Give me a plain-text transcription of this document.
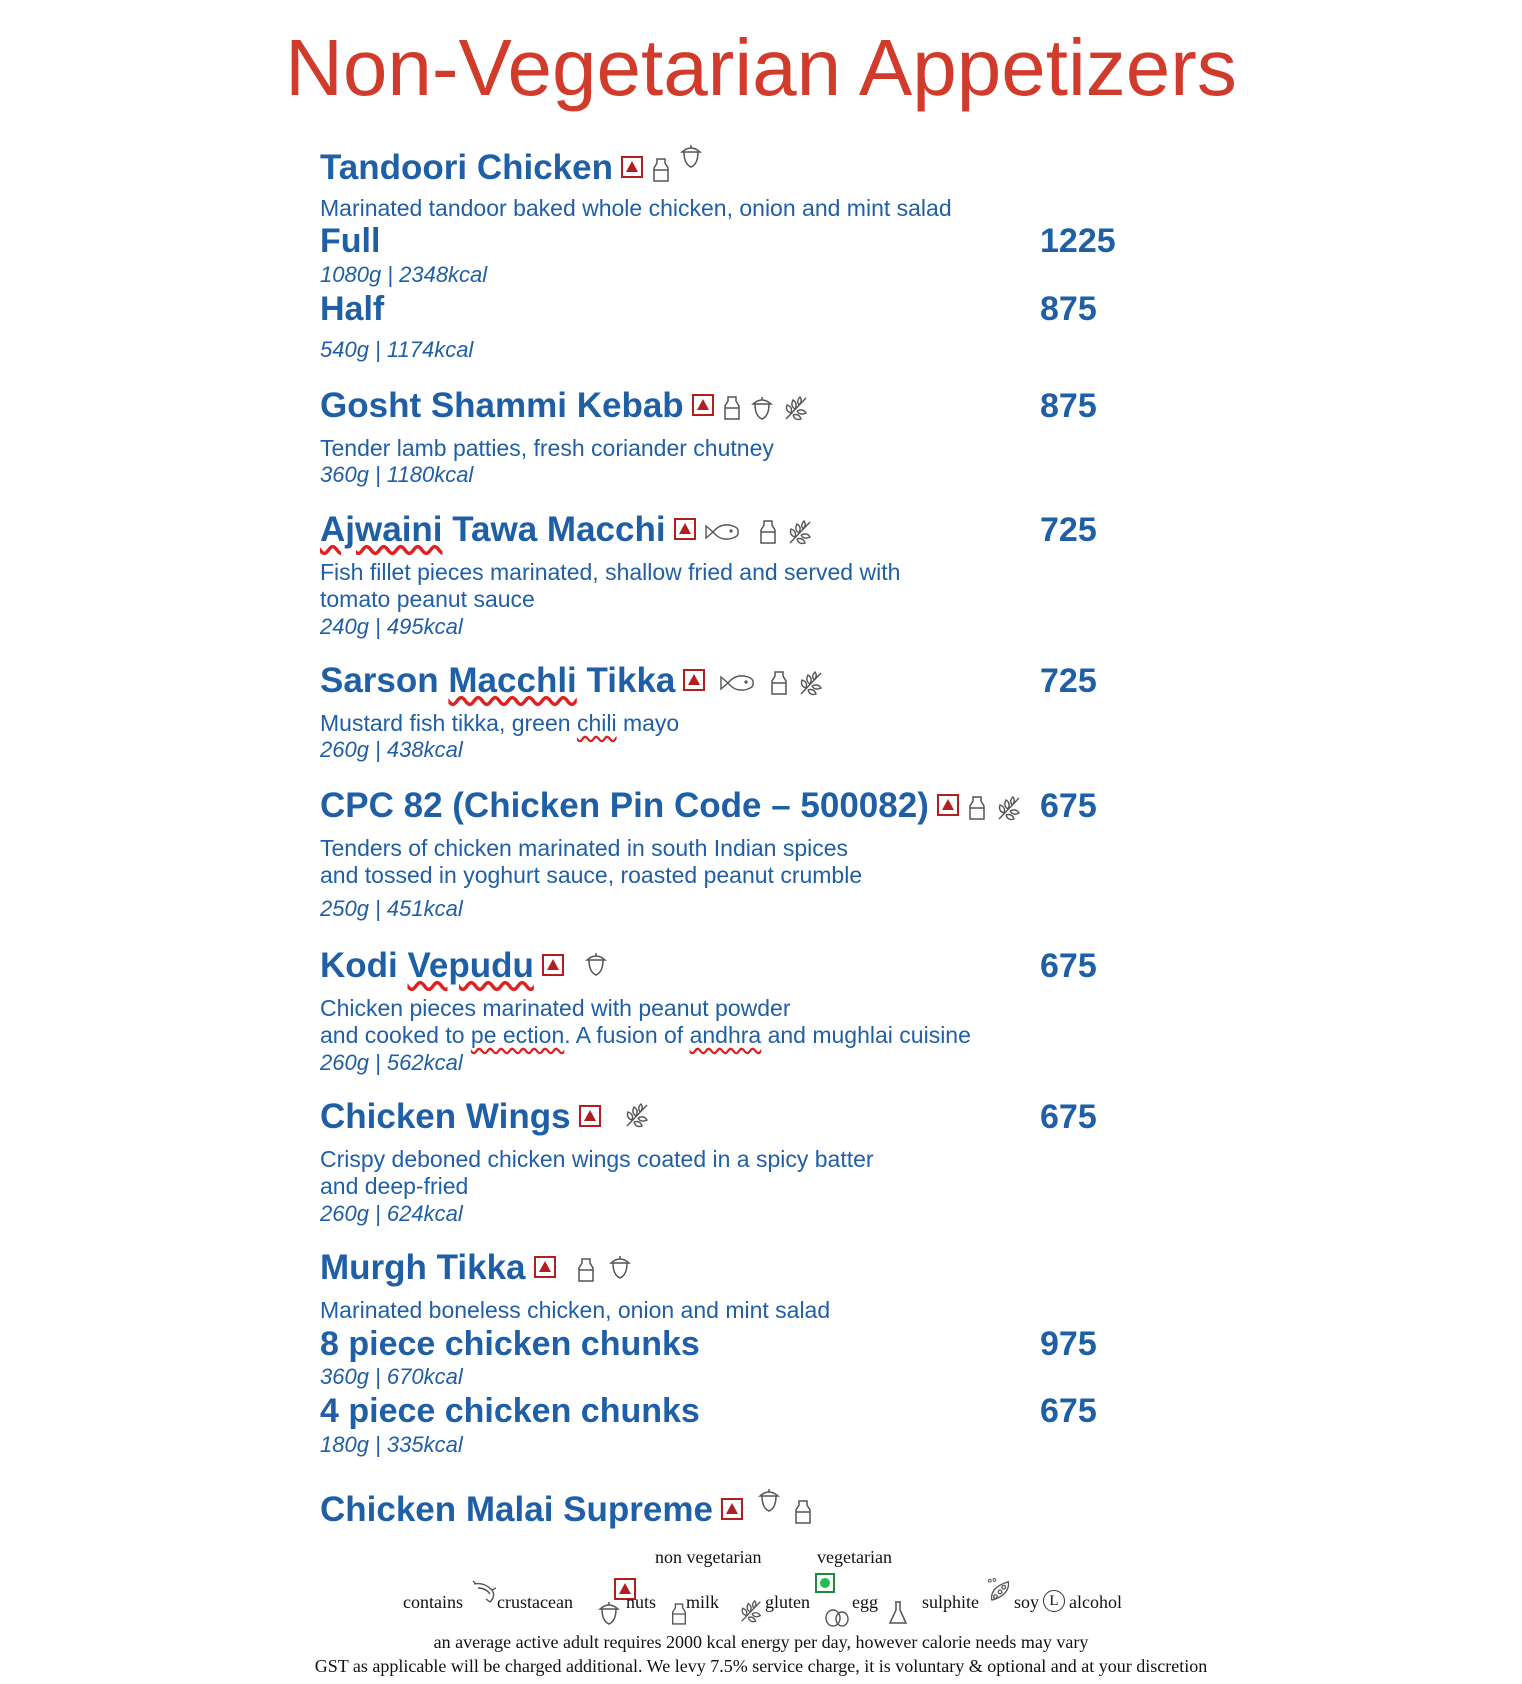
Non-Vegetarian Appetizers
Tandoori Chicken
Marinated tandoor baked whole chicken, onion and mint salad
Full	1225
1080g | 2348kcal
Half	875
540g | 1174kcal
Gosht Shammi Kebab	875
Tender lamb patties, fresh coriander chutney
360g | 1180kcal
Ajwaini Tawa Macchi	725
Fish fillet pieces marinated, shallow fried and served with
tomato peanut sauce
240g | 495kcal
Sarson Macchli Tikka	725
Mustard fish tikka, green chili mayo
260g | 438kcal
CPC 82 (Chicken Pin Code – 500082)	675
Tenders of chicken marinated in south Indian spices
and tossed in yoghurt sauce, roasted peanut crumble
250g | 451kcal
Kodi Vepudu	675
Chicken pieces marinated with peanut powder
and cooked to pe ection. A fusion of andhra and mughlai cuisine
260g | 562kcal
Chicken Wings	675
Crispy deboned chicken wings coated in a spicy batter
and deep-fried
260g | 624kcal
Murgh Tikka
Marinated boneless chicken, onion and mint salad
8 piece chicken chunks	975
360g | 670kcal
4 piece chicken chunks	675
180g | 335kcal
Chicken Malai Supreme
non vegetarian	vegetarian

contains crustacean	nuts milk	gluten egg sulphite soy L alcohol
an average active adult requires 2000 kcal energy per day, however calorie needs may vary
GST as applicable will be charged additional. We levy 7.5% service charge, it is voluntary & optional and at your discretion
